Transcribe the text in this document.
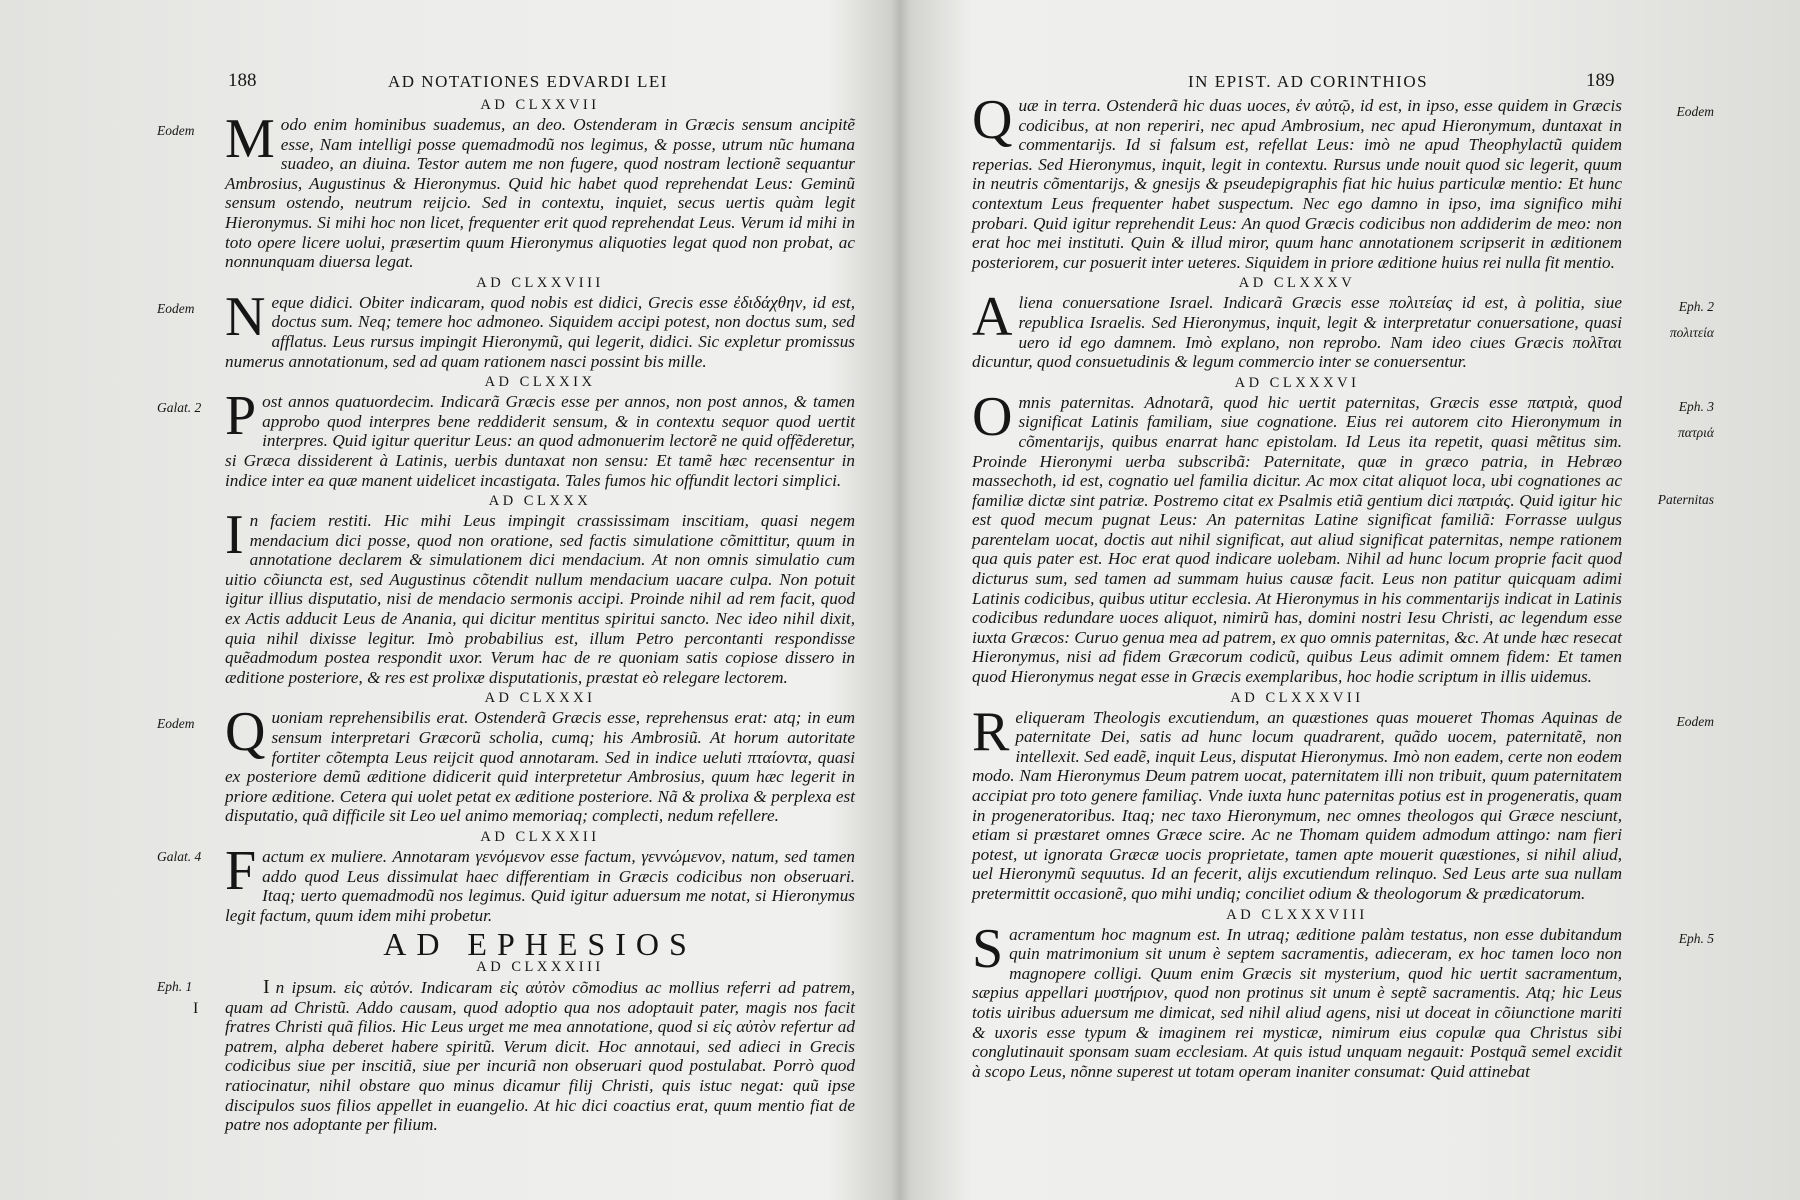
188	AD NOTATIONES EDVARDI LEI
AD CLXXVII
Eodem Modo enim hominibus suademus, an deo. Ostenderam in Græcis sensum ancipitẽ esse, Nam intelligi posse quemadmodũ nos legimus, & posse, utrum nũc humana suadeo, an diuina. Testor autem me non fugere, quod nostram lectionẽ sequantur Ambrosius, Augustinus & Hieronymus. Quid hic habet quod reprehendat Leus: Geminũ sensum ostendo, neutrum reijcio. Sed in contextu, inquiet, secus uertis quàm legit Hieronymus. Si mihi hoc non licet, frequenter erit quod reprehendat Leus. Verum id mihi in toto opere licere uolui, præsertim quum Hieronymus aliquoties legat quod non probat, ac nonnunquam diuersa legat.

AD CLXXVIII
Eodem Neque didici. Obiter indicaram, quod nobis est didici, Grecis esse ἐδιδάχθην, id est, doctus sum. Neq; temere hoc admoneo. Siquidem accipi potest, non doctus sum, sed afflatus. Leus rursus impingit Hieronymũ, qui legerit, didici. Sic expletur promissus numerus annotationum, sed ad quam rationem nasci possint bis mille.

AD CLXXIX
Galat. 2 Post annos quatuordecim. Indicarã Græcis esse per annos, non post annos, & tamen approbo quod interpres bene reddiderit sensum, & in contextu sequor quod uertit interpres. Quid igitur queritur Leus: an quod admonuerim lectorẽ ne quid offẽderetur, si Græca dissiderent à Latinis, uerbis duntaxat non sensu: Et tamẽ hæc recensentur in indice inter ea quæ manent uidelicet incastigata. Tales fumos hic offundit lectori simplici.

AD CLXXX

In faciem restiti. Hic mihi Leus impingit crassissimam inscitiam, quasi negem mendacium dici posse, quod non oratione, sed factis simulatione cõmittitur, quum in annotatione declarem & simulationem dici mendacium. At non omnis simulatio cum uitio cõiuncta est, sed Augustinus cõtendit nullum mendacium uacare culpa. Non potuit igitur illius disputatio, nisi de mendacio sermonis accipi. Proinde nihil ad rem facit, quod ex Actis adducit Leus de Anania, qui dicitur mentitus spiritui sancto. Nec ideo nihil dixit, quia nihil dixisse legitur. Imò probabilius est, illum Petro percontanti respondisse quẽadmodum postea respondit uxor. Verum hac de re quoniam satis copiose dissero in æditione posteriore, & res est prolixæ disputationis, præstat eò relegare lectorem.

AD CLXXXI
Eodem Quoniam reprehensibilis erat. Ostenderã Græcis esse, reprehensus erat: atq; in eum sensum interpretari Græcorũ scholia, cumq; his Ambrosiũ. At horum autoritate fortiter cõtempta Leus reijcit quod annotaram. Sed in indice ueluti πταίοντα, quasi ex posteriore demũ æditione didicerit quid interpretetur Ambrosius, quum hæc legerit in priore æditione. Cetera qui uolet petat ex æditione posteriore. Nã & prolixa & perplexa est disputatio, quã difficile sit Leo uel animo memoriaq; complecti, nedum refellere.

AD CLXXXII
Galat. 4 Factum ex muliere. Annotaram γενόμενον esse factum, γεννώμενον, natum, sed tamen addo quod Leus dissimulat haec differentiam in Græcis codicibus non obseruari. Itaq; uerto quemadmodũ nos legimus. Quid igitur aduersum me notat, si Hieronymus legit factum, quum idem mihi probetur.

AD EPHESIOS
AD CLXXXIII
Eph. 1
I

I n ipsum. εἰς αὐτόν. Indicaram εἰς αὐτὸν cõmodius ac mollius referri ad patrem, quam ad Christũ. Addo causam, quod adoptio qua nos adoptauit pater, magis nos facit fratres Christi quã filios. Hic Leus urget me mea annotatione, quod si εἰς αὐτὸν refertur ad patrem, alpha deberet habere spiritũ. Verum dicit. Hoc annotaui, sed adieci in Grecis codicibus siue per inscitiã, siue per incuriã non obseruari quod postulabat. Porrò quod ratiocinatur, nihil obstare quo minus dicamur filij Christi, quis istuc negat: quũ ipse discipulos suos filios appellet in euangelio. At hic dici coactius erat, quum mentio fiat de patre nos adoptante per filium.

IN EPIST. AD CORINTHIOS	189
Eodem

Quæ in terra. Ostenderã hic duas uoces, ἐν αὐτῷ, id est, in ipso, esse quidem in Græcis codicibus, at non reperiri, nec apud Ambrosium, nec apud Hieronymum, duntaxat in commentarijs. Id si falsum est, refellat Leus: imò ne apud Theophylactũ quidem reperias. Sed Hieronymus, inquit, legit in contextu. Rursus unde nouit quod sic legerit, quum in neutris cõmentarijs, & gnesijs & pseudepigraphis fiat hic huius particulæ mentio: Et hunc contextum Leus frequenter habet suspectum. Nec ego damno in ipso, ima significo mihi probari. Quid igitur reprehendit Leus: An quod Græcis codicibus non addiderim de meo: non erat hoc mei instituti. Quin & illud miror, quum hanc annotationem scripserit in æditionem posteriorem, cur posuerit inter ueteres. Siquidem in priore æditione huius rei nulla fit mentio.

AD CLXXXV
Eph. 2
πολιτεία

Aliena conuersatione Israel. Indicarã Græcis esse πολιτείας id est, à politia, siue republica Israelis. Sed Hieronymus, inquit, legit & interpretatur conuersatione, quasi uero id ego damnem. Imò explano, non reprobo. Nam ideo ciues Græcis πολῖται dicuntur, quod consuetudinis & legum commercio inter se conuersentur.

AD CLXXXVI
Eph. 3
πατριά

Omnis paternitas. Adnotarã, quod hic uertit paternitas, Græcis esse πατριὰ, quod significat Latinis familiam, siue cognatione. Eius rei autorem cito Hieronymum in cõmentarijs, quibus enarrat hanc epistolam. Id Leus ita repetit, quasi mẽtitus sim. Proinde Hieronymi uerba subscribã: Paternitate, quæ in græco patria, in Hebræo massechoth, id est, cognatio uel familia dicitur. Ac mox citat aliquot loca, ubi cognationes ac familiæ dictæ sint patriæ. Postremo citat ex Psalmis etiã gentium dici πατριάς. Quid igitur hic est quod mecum pugnat Leus: An paternitas Latine significat familiã: Forrasse uulgus parentelam uocat, doctis aut nihil significat, aut aliud significat paternitas, nempe rationem qua quis pater est. Hoc erat quod indicare uolebam. Nihil ad hunc locum proprie facit quod dicturus sum, sed tamen ad summam huius causæ facit. Leus non patitur quicquam adimi Latinis codicibus, quibus utitur ecclesia. At Hieronymus in his commentarijs indicat in Latinis codicibus redundare uoces aliquot, nimirũ has, domini nostri Iesu Christi, ac legendum esse iuxta Græcos: Curuo genua mea ad patrem, ex quo omnis paternitas, &c. At unde hæc resecat Hieronymus, nisi ad fidem Græcorum codicũ, quibus Leus adimit omnem fidem: Et tamen quod Hieronymus negat esse in Græcis exemplaribus, hoc hodie scriptum in illis uidemus.

Paternitas
AD CLXXXVII
Eodem

Reliqueram Theologis excutiendum, an quæstiones quas moueret Thomas Aquinas de paternitate Dei, satis ad hunc locum quadrarent, quãdo uocem, paternitatẽ, non intellexit. Sed eadẽ, inquit Leus, disputat Hieronymus. Imò non eadem, certe non eodem modo. Nam Hieronymus Deum patrem uocat, paternitatem illi non tribuit, quum paternitatem accipiat pro toto genere familiaç. Vnde iuxta hunc paternitas potius est in progeneratis, quam in progeneratoribus. Itaq; nec taxo Hieronymum, nec omnes theologos qui Græce nesciunt, etiam si præstaret omnes Græce scire. Ac ne Thomam quidem admodum attingo: nam fieri potest, ut ignorata Græcæ uocis proprietate, tamen apte mouerit quæstiones, si nihil aliud, uel Hieronymũ sequutus. Id an fecerit, alijs excutiendum relinquo. Sed Leus arte sua nullam pretermittit occasionẽ, quo mihi undiq; conciliet odium & theologorum & prædicatorum.

AD CLXXXVIII
Eph. 5

Sacramentum hoc magnum est. In utraq; æditione palàm testatus, non esse dubitandum quin matrimonium sit unum è septem sacramentis, adieceram, ex hoc tamen loco non magnopere colligi. Quum enim Græcis sit mysterium, quod hic uertit sacramentum, sæpius appellari μυστήριον, quod non protinus sit unum è septẽ sacramentis. Atq; hic Leus totis uiribus aduersum me dimicat, sed nihil aliud agens, nisi ut doceat in cõiunctione mariti & uxoris esse typum & imaginem rei mysticæ, nimirum eius copulæ qua Christus sibi conglutinauit sponsam suam ecclesiam. At quis istud unquam negauit: Postquã semel excidit à scopo Leus, nõnne superest ut totam operam inaniter consumat: Quid attinebat
